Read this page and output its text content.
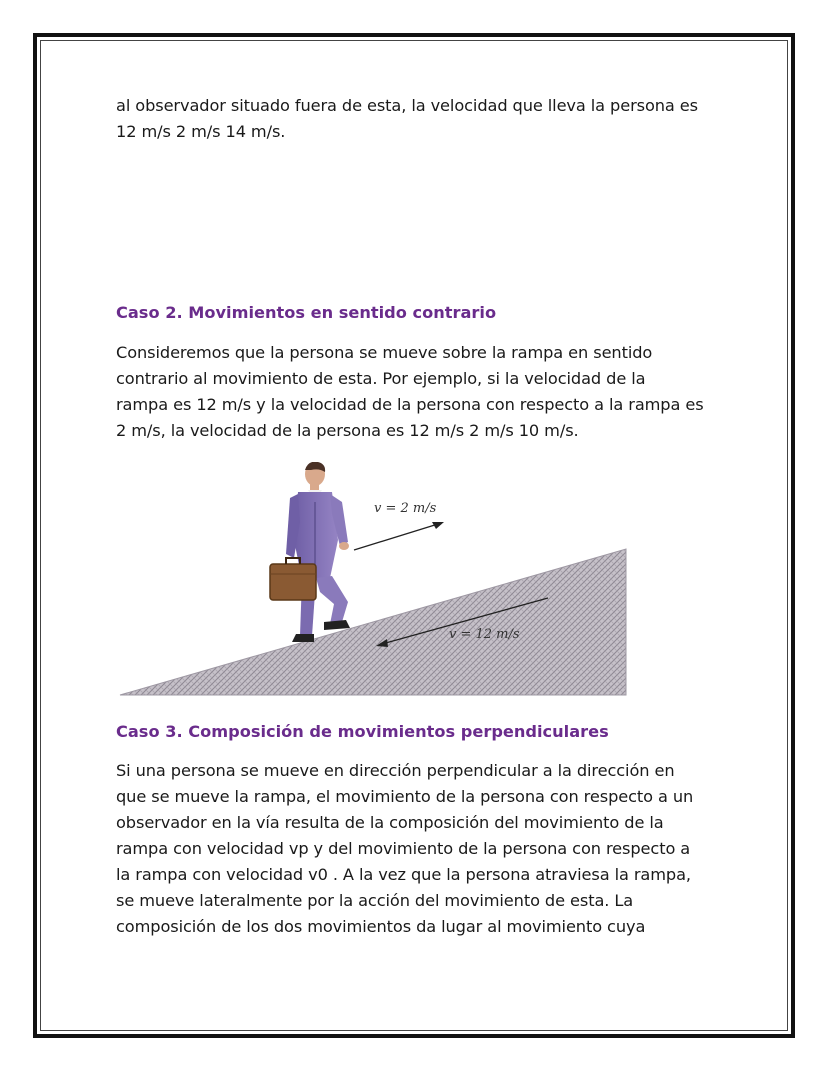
al observador situado fuera de esta, la velocidad que lleva la persona es
12 m/s 2 m/s 14 m/s.

Caso 2. Movimientos en sentido contrario

Consideremos que la persona se mueve sobre la rampa en sentido
contrario al movimiento de esta. Por ejemplo, si la velocidad de la
rampa es 12 m/s y la velocidad de la persona con respecto a la rampa es
2 m/s, la velocidad de la persona es 12 m/s 2 m/s 10 m/s.

v = 2 m/s
v = 12 m/s
Caso 3. Composición de movimientos perpendiculares

Si una persona se mueve en dirección perpendicular a la dirección en
que se mueve la rampa, el movimiento de la persona con respecto a un
observador en la vía resulta de la composición del movimiento de la
rampa con velocidad vp y del movimiento de la persona con respecto a
la rampa con velocidad v0 . A la vez que la persona atraviesa la rampa,
se mueve lateralmente por la acción del movimiento de esta. La
composición de los dos movimientos da lugar al movimiento cuya
